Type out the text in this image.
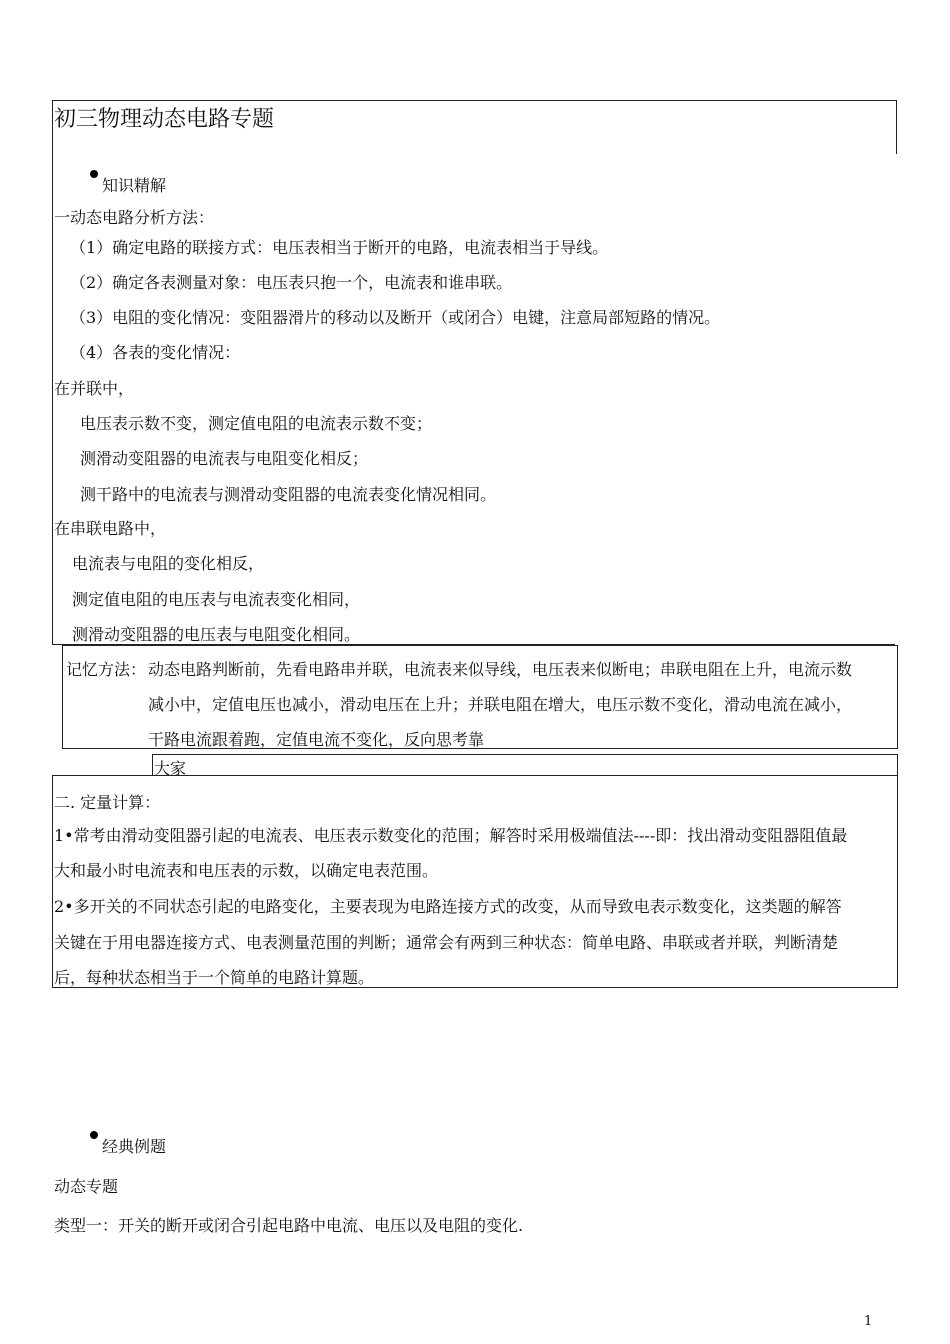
初三物理动态电路专题
知识精解
一动态电路分析方法：
（1）确定电路的联接方式：电压表相当于断开的电路，电流表相当于导线。
（2）确定各表测量对象：电压表只抱一个，电流表和谁串联。
（3）电阻的变化情况：变阻器滑片的移动以及断开（或闭合）电键，注意局部短路的情况。
（4）各表的变化情况：
在并联中，
电压表示数不变，测定值电阻的电流表示数不变；
测滑动变阻器的电流表与电阻变化相反；
测干路中的电流表与测滑动变阻器的电流表变化情况相同。
在串联电路中，
电流表与电阻的变化相反，
测定值电阻的电压表与电流表变化相同，
测滑动变阻器的电压表与电阻变化相同。
记忆方法： 动态电路判断前，先看电路串并联，电流表来似导线，电压表来似断电；串联电阻在上升，电流示数
减小中，定值电压也减小，滑动电压在上升；并联电阻在增大，电压示数不变化，滑动电流在减小，
干路电流跟着跑，定值电流不变化，反向思考靠
大家
二. 定量计算：
1•常考由滑动变阻器引起的电流表、电压表示数变化的范围；解答时采用极端值法----即：找出滑动变阻器阻值最
大和最小时电流表和电压表的示数，以确定电表范围。
2•多开关的不同状态引起的电路变化，主要表现为电路连接方式的改变，从而导致电表示数变化，这类题的解答
关键在于用电器连接方式、电表测量范围的判断；通常会有两到三种状态：简单电路、串联或者并联，判断清楚
后，每种状态相当于一个简单的电路计算题。
经典例题
动态专题
类型一：开关的断开或闭合引起电路中电流、电压以及电阻的变化.
1
